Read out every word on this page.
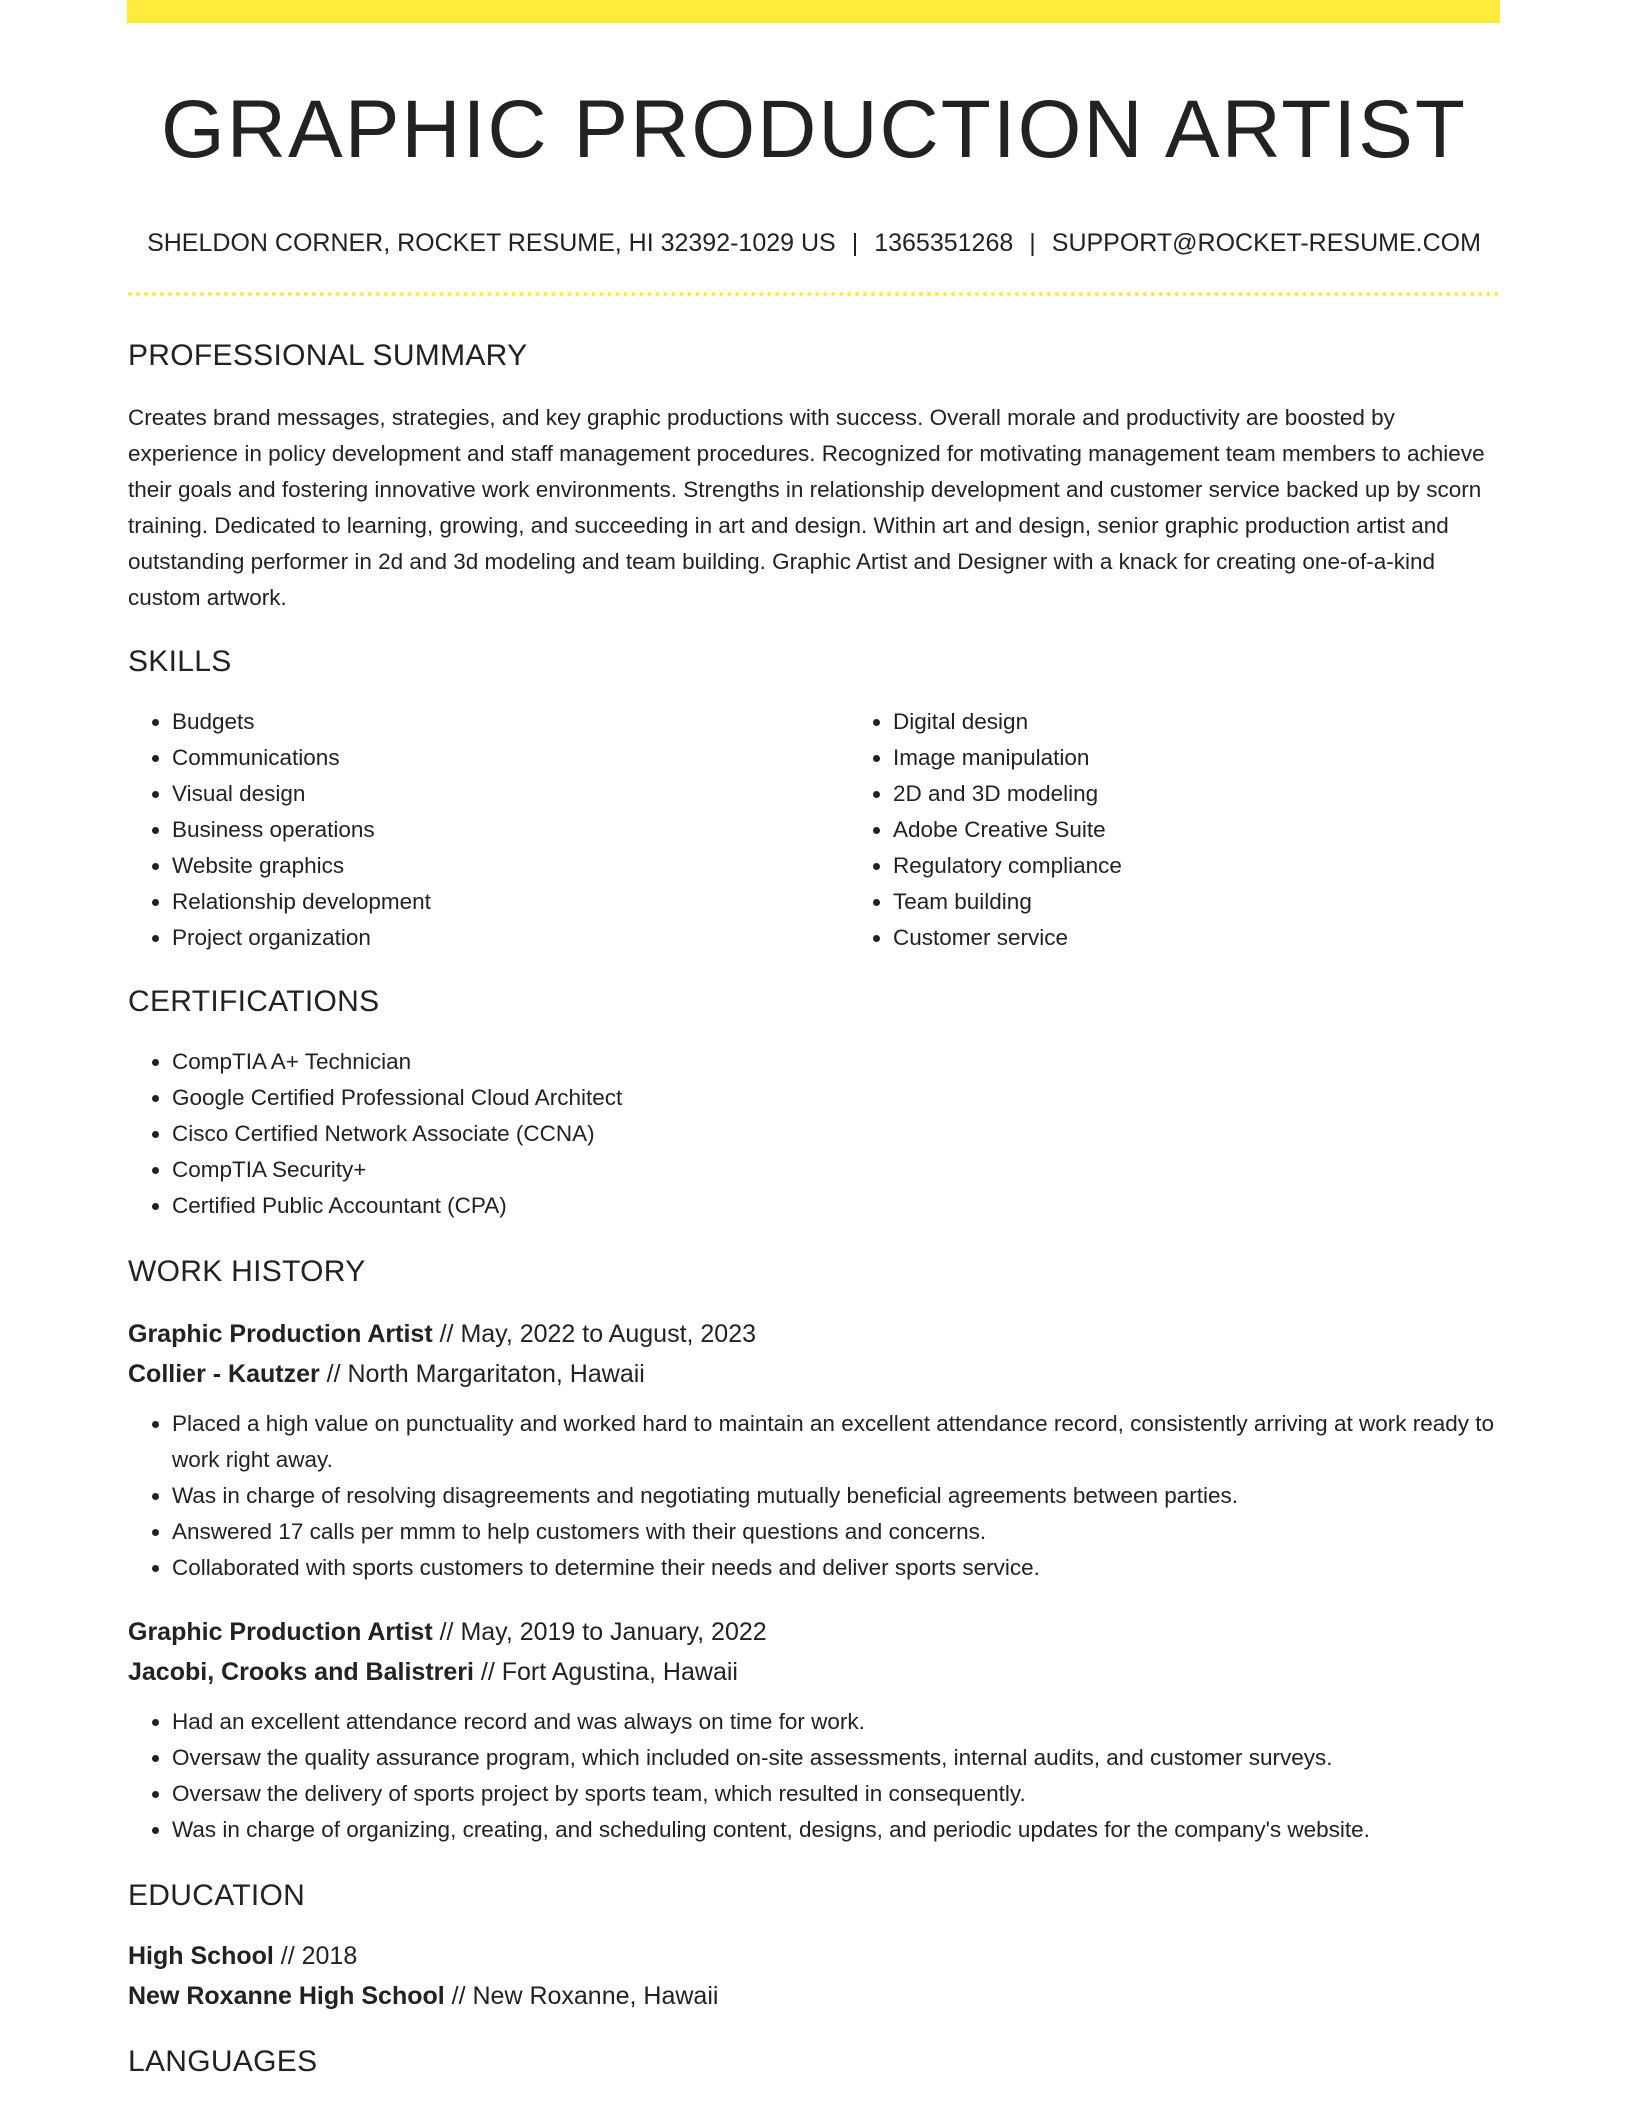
GRAPHIC PRODUCTION ARTIST
SHELDON CORNER, ROCKET RESUME, HI 32392-1029 US | 1365351268 | SUPPORT@ROCKET-RESUME.COM
PROFESSIONAL SUMMARY
Creates brand messages, strategies, and key graphic productions with success. Overall morale and productivity are boosted by experience in policy development and staff management procedures. Recognized for motivating management team members to achieve their goals and fostering innovative work environments. Strengths in relationship development and customer service backed up by scorn training. Dedicated to learning, growing, and succeeding in art and design. Within art and design, senior graphic production artist and outstanding performer in 2d and 3d modeling and team building. Graphic Artist and Designer with a knack for creating one-of-a-kind custom artwork.
SKILLS
• Budgets
• Communications
• Visual design
• Business operations
• Website graphics
• Relationship development
• Project organization
• Digital design
• Image manipulation
• 2D and 3D modeling
• Adobe Creative Suite
• Regulatory compliance
• Team building
• Customer service
CERTIFICATIONS
• CompTIA A+ Technician
• Google Certified Professional Cloud Architect
• Cisco Certified Network Associate (CCNA)
• CompTIA Security+
• Certified Public Accountant (CPA)
WORK HISTORY
Graphic Production Artist // May, 2022 to August, 2023
Collier - Kautzer // North Margaritaton, Hawaii
• Placed a high value on punctuality and worked hard to maintain an excellent attendance record, consistently arriving at work ready to work right away.
• Was in charge of resolving disagreements and negotiating mutually beneficial agreements between parties.
• Answered 17 calls per mmm to help customers with their questions and concerns.
• Collaborated with sports customers to determine their needs and deliver sports service.
Graphic Production Artist // May, 2019 to January, 2022
Jacobi, Crooks and Balistreri // Fort Agustina, Hawaii
• Had an excellent attendance record and was always on time for work.
• Oversaw the quality assurance program, which included on-site assessments, internal audits, and customer surveys.
• Oversaw the delivery of sports project by sports team, which resulted in consequently.
• Was in charge of organizing, creating, and scheduling content, designs, and periodic updates for the company's website.
EDUCATION
High School // 2018
New Roxanne High School // New Roxanne, Hawaii
LANGUAGES
